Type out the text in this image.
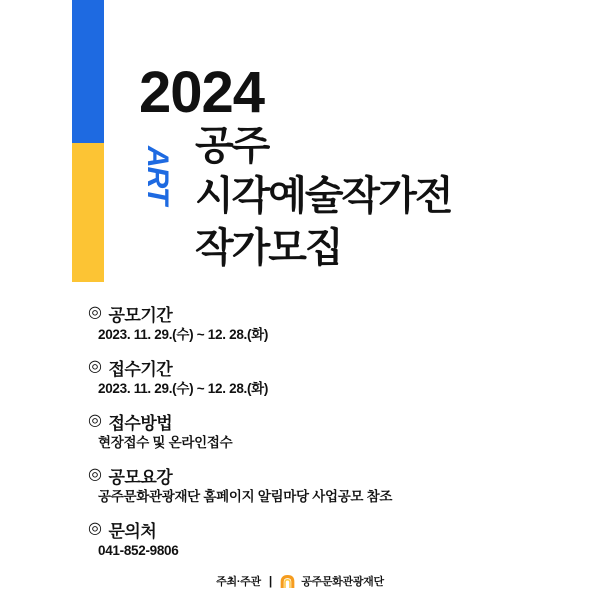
2024
ART 공주
시각예술작가전
작가모집
◎ 공모기간
2023. 11. 29.(수) ~ 12. 28.(화)
◎ 접수기간
2023. 11. 29.(수) ~ 12. 28.(화)
◎ 접수방법
현장접수 및 온라인접수
◎ 공모요강
공주문화관광재단 홈페이지 알림마당 사업공모 참조
◎ 문의처
041-852-9806
주최·주관 |	공주문화관광재단
